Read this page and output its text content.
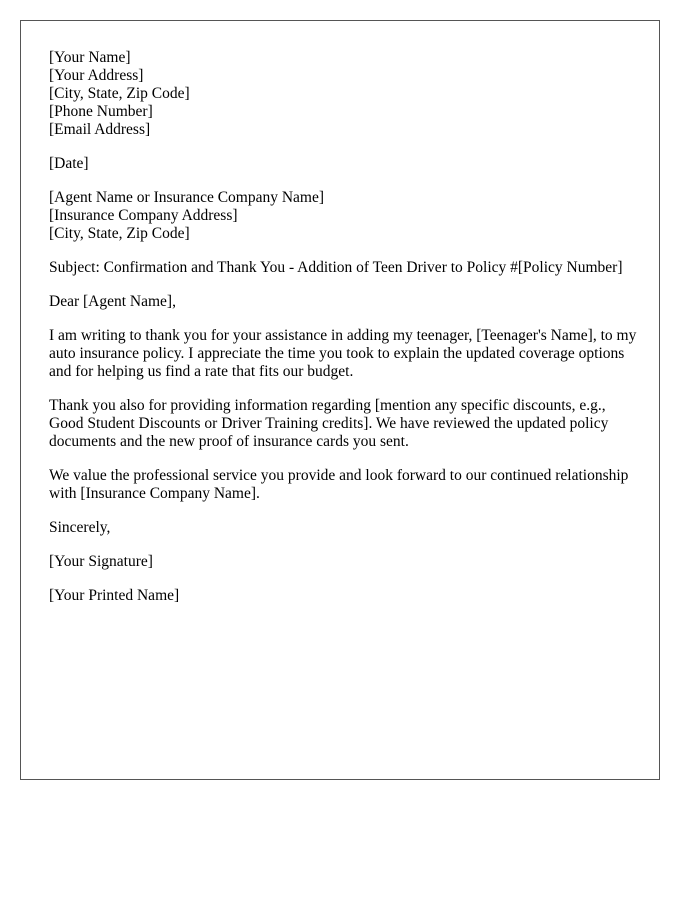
[Your Name]
[Your Address]
[City, State, Zip Code]
[Phone Number]
[Email Address]
[Date]
[Agent Name or Insurance Company Name]
[Insurance Company Address]
[City, State, Zip Code]

Subject: Confirmation and Thank You - Addition of Teen Driver to Policy #[Policy Number]

Dear [Agent Name],

I am writing to thank you for your assistance in adding my teenager, [Teenager's Name], to my auto insurance policy. I appreciate the time you took to explain the updated coverage options and for helping us find a rate that fits our budget.

Thank you also for providing information regarding [mention any specific discounts, e.g., Good Student Discounts or Driver Training credits]. We have reviewed the updated policy documents and the new proof of insurance cards you sent.

We value the professional service you provide and look forward to our continued relationship with [Insurance Company Name].

Sincerely,

[Your Signature]

[Your Printed Name]
